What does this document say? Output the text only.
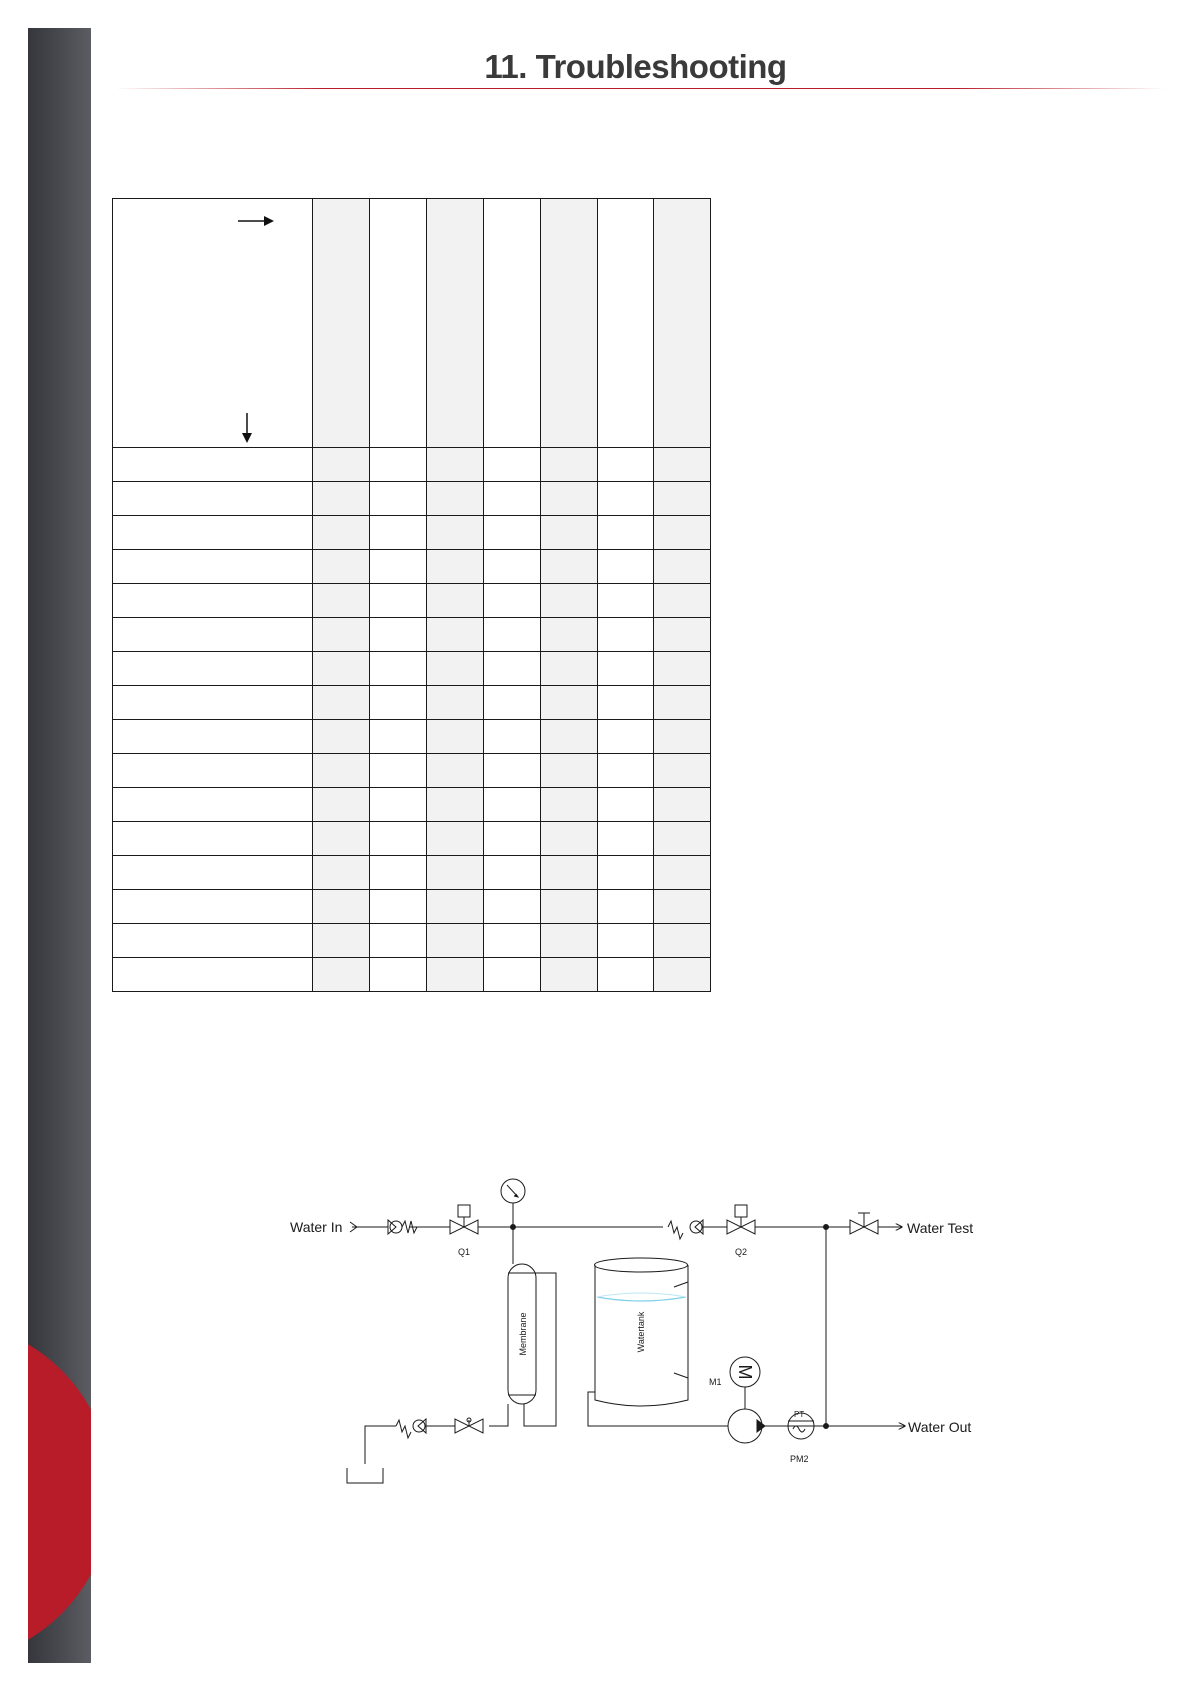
11. Troubleshooting

Water In	Water Test
Water Out
Q1	Q2
Membrane	Watertank
M1
M
PT
PM2
